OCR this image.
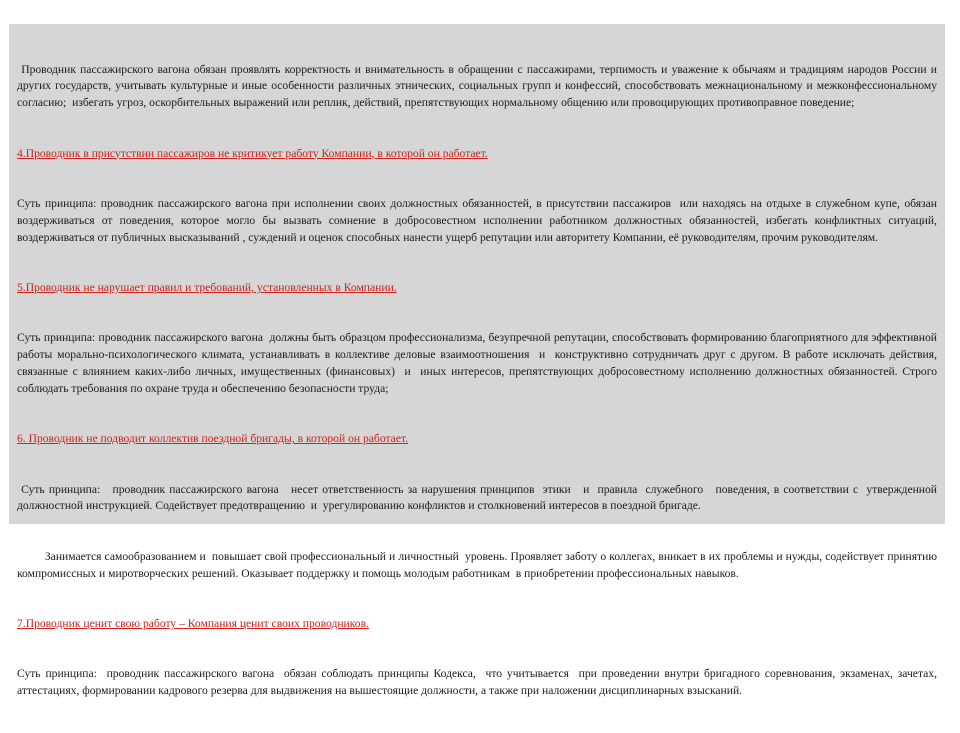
Проводник пассажирского вагона обязан проявлять корректность и внимательность в обращении с пассажирами, терпимость и уважение к обычаям и традициям народов России и других государств, учитывать культурные и иные особенности различных этнических, социальных групп и конфессий, способствовать межнациональному и межконфессиональному согласию;  избегать угроз, оскорбительных выражений или реплик, действий, препятствующих нормальному общению или провоцирующих противоправное поведение;

4.Проводник в присутствии пассажиров не критикует работу Компании, в которой он работает.

Суть принципа: проводник пассажирского вагона при исполнении своих должностных обязанностей, в присутствии пассажиров  или находясь на отдыхе в служебном купе, обязан воздерживаться от поведения, которое могло бы вызвать сомнение в добросовестном исполнении работником должностных обязанностей, избегать конфликтных ситуаций, воздерживаться от публичных высказываний , суждений и оценок способных нанести ущерб репутации или авторитету Компании, её руководителям, прочим руководителям.

5.Проводник не нарушает правил и требований, установленных в Компании.

Суть принципа: проводник пассажирского вагона  должны быть образцом профессионализма, безупречной репутации, способствовать формированию благоприятного для эффективной работы морально-психологического климата, устанавливать в коллективе деловые взаимоотношения  и  конструктивно сотрудничать друг с другом. В работе исключать действия, связанные с влиянием каких-либо личных, имущественных (финансовых)  и  иных интересов, препятствующих добросовестному исполнению должностных обязанностей. Строго  соблюдать требования по охране труда и обеспечению безопасности труда;

6. Проводник не подводит коллектив поездной бригады, в которой он работает.

Суть принципа:   проводник пассажирского вагона   несет ответственность за нарушения принципов  этики   и  правила  служебного   поведения, в соответствии с  утвержденной должностной инструкцией. Содействует предотвращению  и  урегулированию конфликтов и столкновений интересов в поездной бригаде.

Занимается самообразованием и  повышает свой профессиональный и личностный  уровень. Проявляет заботу о коллегах, вникает в их проблемы и нужды, содействует принятию компромиссных и миротворческих решений. Оказывает поддержку и помощь молодым работникам  в приобретении профессиональных навыков.

7.Проводник ценит свою работу – Компания ценит своих проводников.

Суть принципа:  проводник пассажирского вагона  обязан соблюдать принципы Кодекса,  что учитывается  при проведении внутри бригадного соревнования, экзаменах, зачетах, аттестациях, формировании кадрового резерва для выдвижения на вышестоящие должности, а также при наложении дисциплинарных взысканий.
